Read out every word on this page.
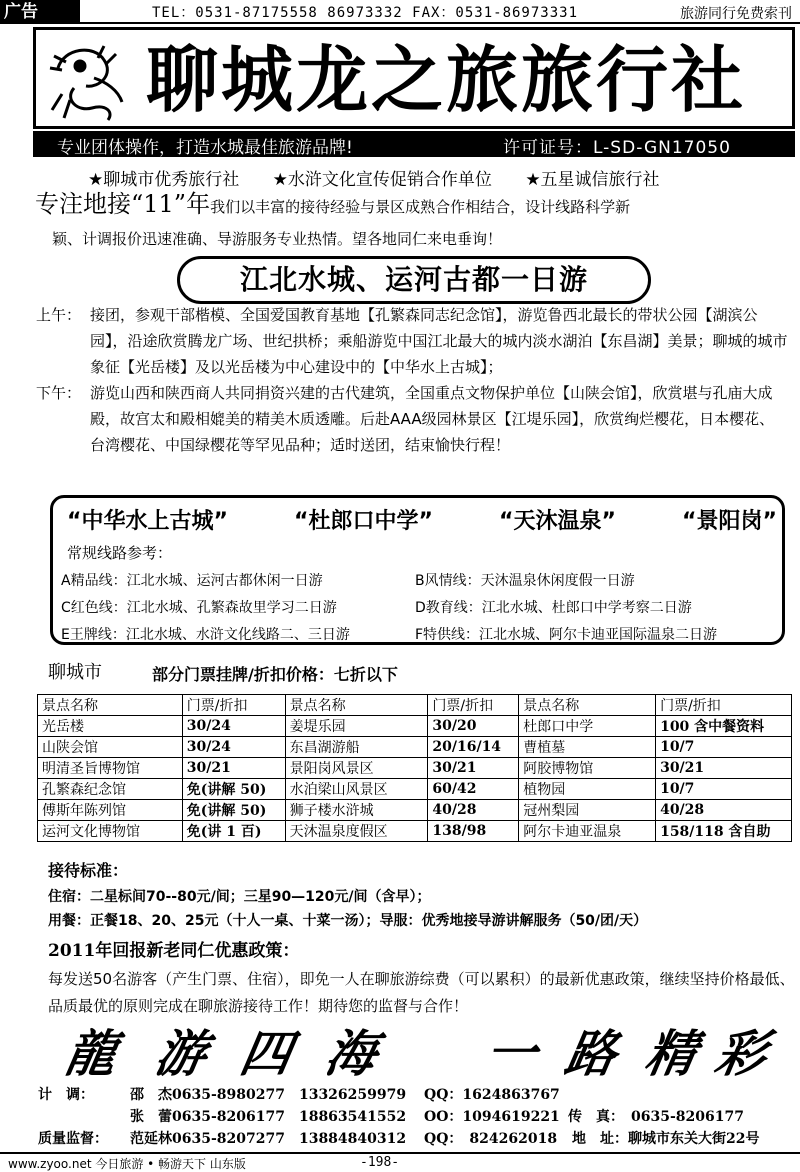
广告	TEL：0531-87175558 86973332 FAX：0531-86973331	旅游同行免费索刊
聊城龙之旅旅行社
专业团体操作，打造水城最佳旅游品牌!	许可证号：L-SD-GN17050
★聊城市优秀旅行社 ★水浒文化宣传促销合作单位 ★五星诚信旅行社
专注地接“11”年我们以丰富的接待经验与景区成熟合作相结合，设计线路科学新
颖、计调报价迅速准确、导游服务专业热情。望各地同仁来电垂询！
江北水城、运河古都一日游
上午： 接团，参观干部楷模、全国爱国教育基地【孔繁森同志纪念馆】，游览鲁西北最长的带状公园【湖滨公园】，沿途欣赏腾龙广场、世纪拱桥；乘船游览中国江北最大的城内淡水湖泊【东昌湖】美景；聊城的城市象征【光岳楼】及以光岳楼为中心建设中的【中华水上古城】；
下午： 游览山西和陕西商人共同捐资兴建的古代建筑，全国重点文物保护单位【山陕会馆】，欣赏堪与孔庙大成殿，故宫太和殿相媲美的精美木质透雕。后赴AAA级园林景区【江堤乐园】，欣赏绚烂樱花，日本樱花、台湾樱花、中国绿樱花等罕见品种；适时送团，结束愉快行程！
“中华水上古城”	“杜郎口中学”	“天沐温泉”	“景阳岗”
常规线路参考：
A精品线：江北水城、运河古都休闲一日游	B风情线：天沐温泉休闲度假一日游
C红色线：江北水城、孔繁森故里学习二日游	D教育线：江北水城、杜郎口中学考察二日游
E王牌线：江北水城、水浒文化线路二、三日游	F特供线：江北水城、阿尔卡迪亚国际温泉二日游
聊城市	部分门票挂牌/折扣价格：七折以下
景点名称	门票/折扣	景点名称	门票/折扣	景点名称	门票/折扣
光岳楼	30/24	姜堤乐园	30/20	杜郎口中学	100 含中餐资料
山陕会馆	30/24	东昌湖游船	20/16/14	曹植墓	10/7
明清圣旨博物馆	30/21	景阳岗风景区	30/21	阿胶博物馆	30/21
孔繁森纪念馆	免(讲解 50)	水泊梁山风景区	60/42	植物园	10/7
傅斯年陈列馆	免(讲解 50)	狮子楼水浒城	40/28	冠州梨园	40/28
运河文化博物馆	免(讲 1 百)	天沐温泉度假区	138/98	阿尔卡迪亚温泉	158/118 含自助
接待标准：
住宿：二星标间70--80元/间；三星90—120元/间（含早）；
用餐：正餐18、20、25元（十人一桌、十菜一汤）；导服：优秀地接导游讲解服务（50/团/天）
2011年回报新老同仁优惠政策：
每发送50名游客（产生门票、住宿），即免一人在聊旅游综费（可以累积）的最新优惠政策，继续坚持价格最低、品质最优的原则完成在聊旅游接待工作！期待您的监督与合作！
龍 游 四 海 一 路 精 彩
计　调：	邵　杰0635-8980277　13326259979 QQ：1624863767
张　蕾0635-8206177　18863541552 OO：1094619221 传　真：　0635-8206177
质量监督： 范延林0635-8207277　13884840312 QQ：　824262018 地　址：聊城市东关大街22号
www.zyoo.net 今日旅游 • 畅游天下 山东版	-198-
